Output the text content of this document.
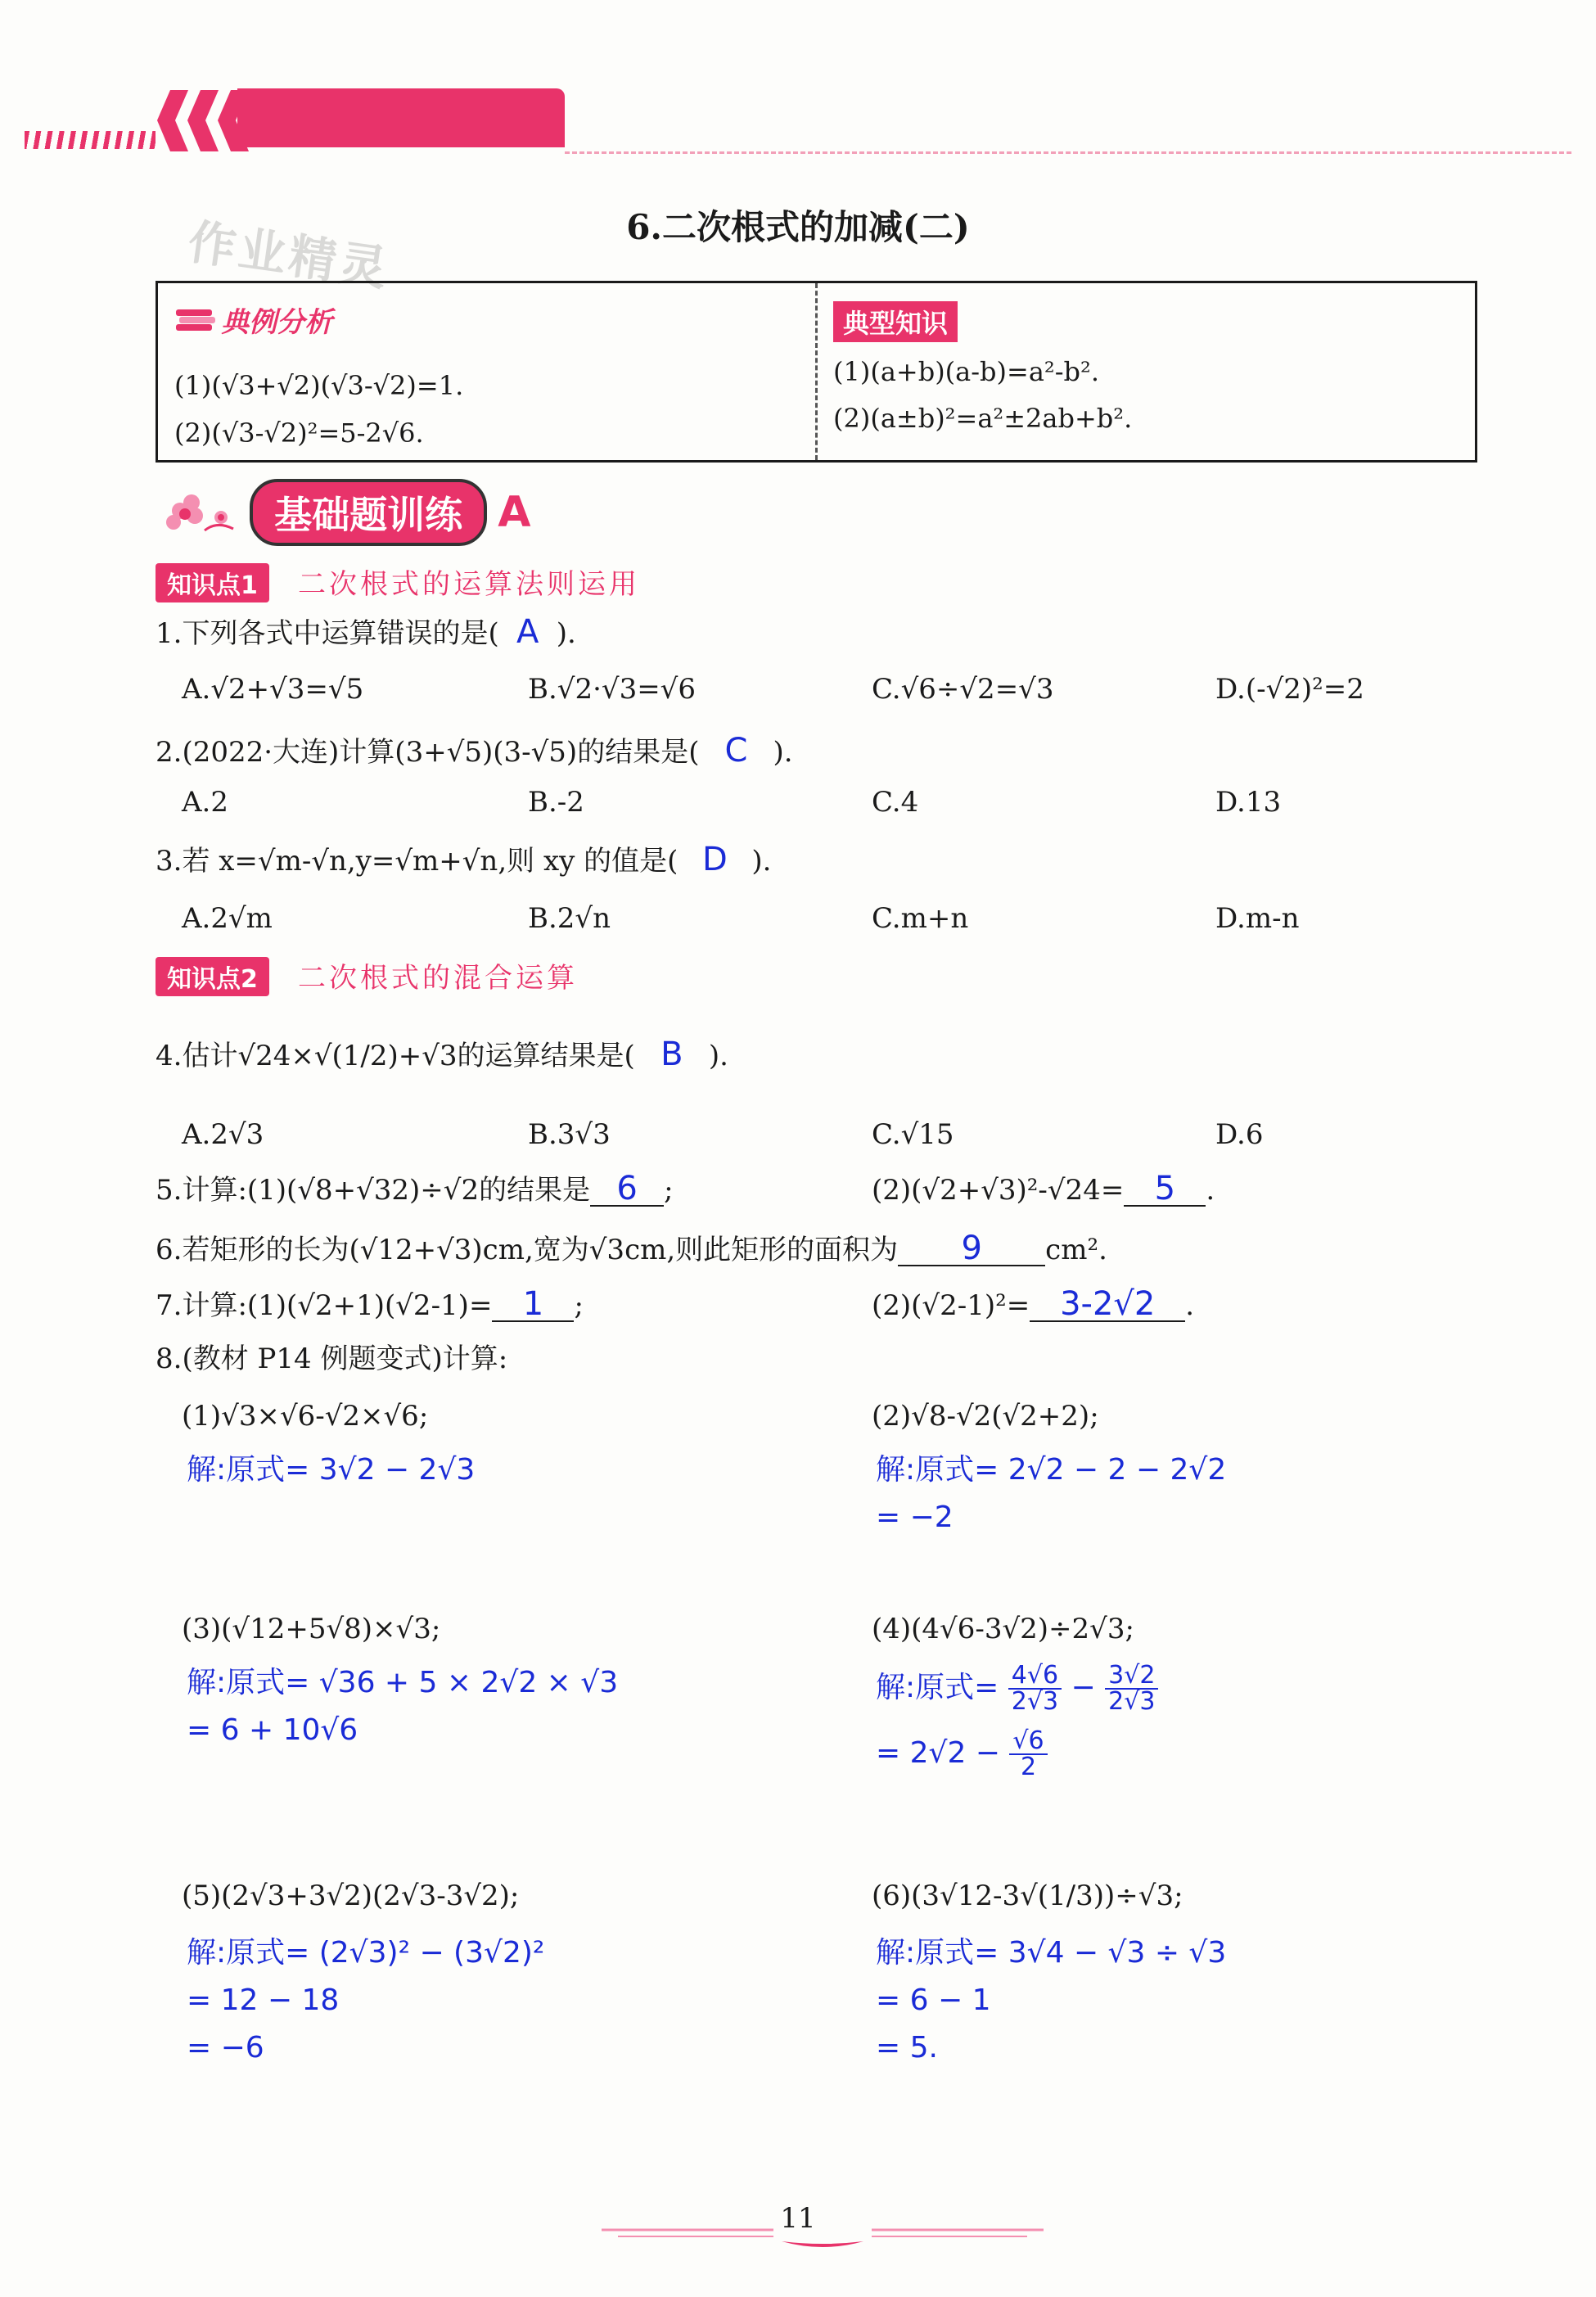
作业精灵	6.二次根式的加减(二)
典例分析
(1)(√3+√2)(√3-√2)=1.
(2)(√3-√2)²=5-2√6.
典型知识
(1)(a+b)(a-b)=a²-b².
(2)(a±b)²=a²±2ab+b².
基础题训练 A
知识点1 二次根式的运算法则运用
1.下列各式中运算错误的是( A ).
A.√2+√3=√5	B.√2·√3=√6	C.√6÷√2=√3	D.(-√2)²=2
2.(2022·大连)计算(3+√5)(3-√5)的结果是( C ).
A.2	B.-2	C.4	D.13
3.若 x=√m-√n,y=√m+√n,则 xy 的值是( D ).
A.2√m	B.2√n	C.m+n	D.m-n
知识点2 二次根式的混合运算
4.估计√24×√(1/2)+√3的运算结果是( B ).
A.2√3	B.3√3	C.√15	D.6
5.计算:(1)(√8+√32)÷√2的结果是 6 ;	(2)(√2+√3)²-√24= 5 .
6.若矩形的长为(√12+√3)cm,宽为√3cm,则此矩形的面积为 9 cm².
7.计算:(1)(√2+1)(√2-1)= 1 ;	(2)(√2-1)²= 3-2√2 .
8.(教材 P14 例题变式)计算:
(1)√3×√6-√2×√6;
解:原式= 3√2 − 2√3
(2)√8-√2(√2+2);
解:原式= 2√2 − 2 − 2√2
= −2
(3)(√12+5√8)×√3;
解:原式= √36 + 5 × 2√2 × √3
= 6 + 10√6
(4)(4√6-3√2)÷2√3;
解:原式= $\frac{4√6}{2√3} - \frac{3√2}{2√3}$
= $2√2 - \frac{√6}{2}$
(5)(2√3+3√2)(2√3-3√2);
解:原式= (2√3)² − (3√2)²
= 12 − 18
= −6
(6)(3√12-3√(1/3))÷√3;
解:原式= 3√4 − √3 ÷ √3
= 6 − 1
= 5.
11
